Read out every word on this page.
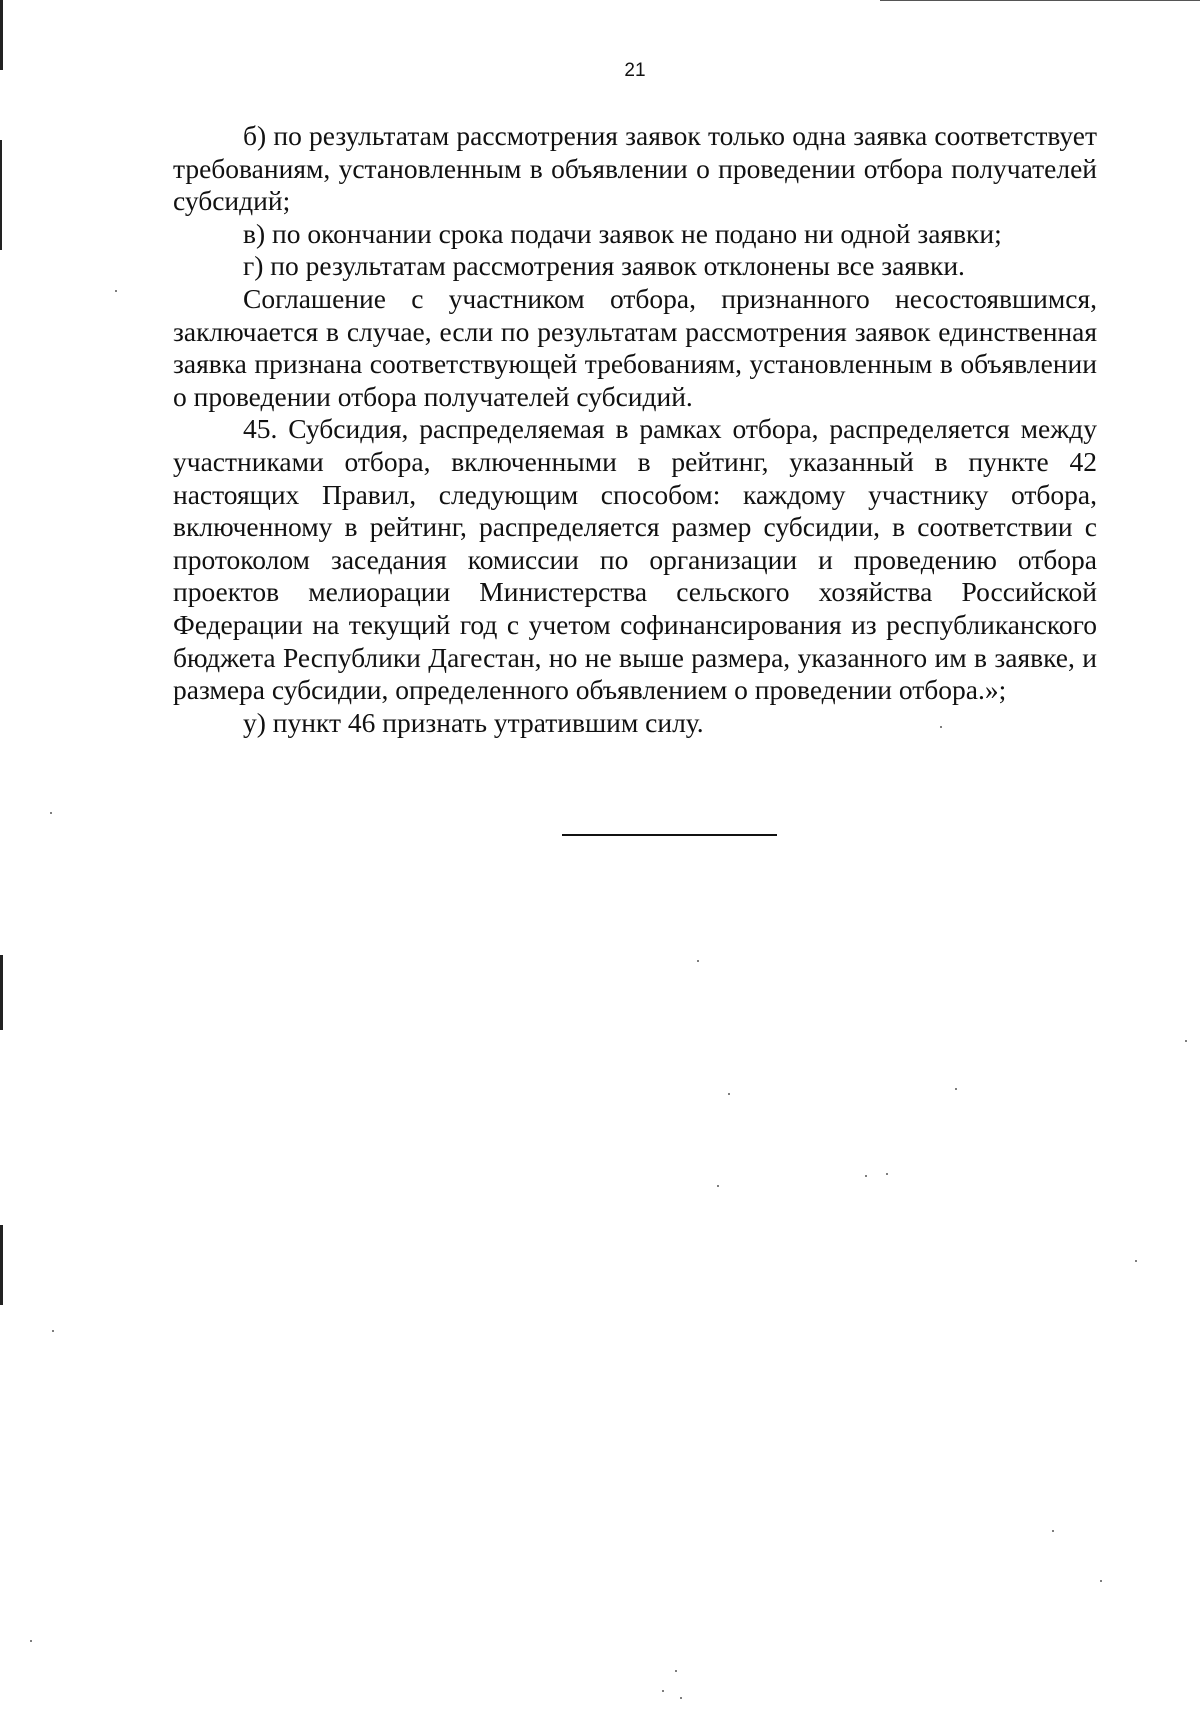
21

б) по результатам рассмотрения заявок только одна заявка соответствует требованиям, установленным в объявлении о проведении отбора получателей субсидий;

в) по окончании срока подачи заявок не подано ни одной заявки;

г) по результатам рассмотрения заявок отклонены все заявки.

Соглашение с участником отбора, признанного несостоявшимся, заключается в случае, если по результатам рассмотрения заявок единственная заявка признана соответствующей требованиям, установленным в объявлении о проведении отбора получателей субсидий.

45. Субсидия, распределяемая в рамках отбора, распределяется между участниками отбора, включенными в рейтинг, указанный в пункте 42 настоящих Правил, следующим способом: каждому участнику отбора, включенному в рейтинг, распределяется размер субсидии, в соответствии с протоколом заседания комиссии по организации и проведению отбора проектов мелиорации Министерства сельского хозяйства Российской Федерации на текущий год с учетом софинансирования из республиканского бюджета Республики Дагестан, но не выше размера, указанного им в заявке, и размера субсидии, определенного объявлением о проведении отбора.»;

у) пункт 46 признать утратившим силу.
